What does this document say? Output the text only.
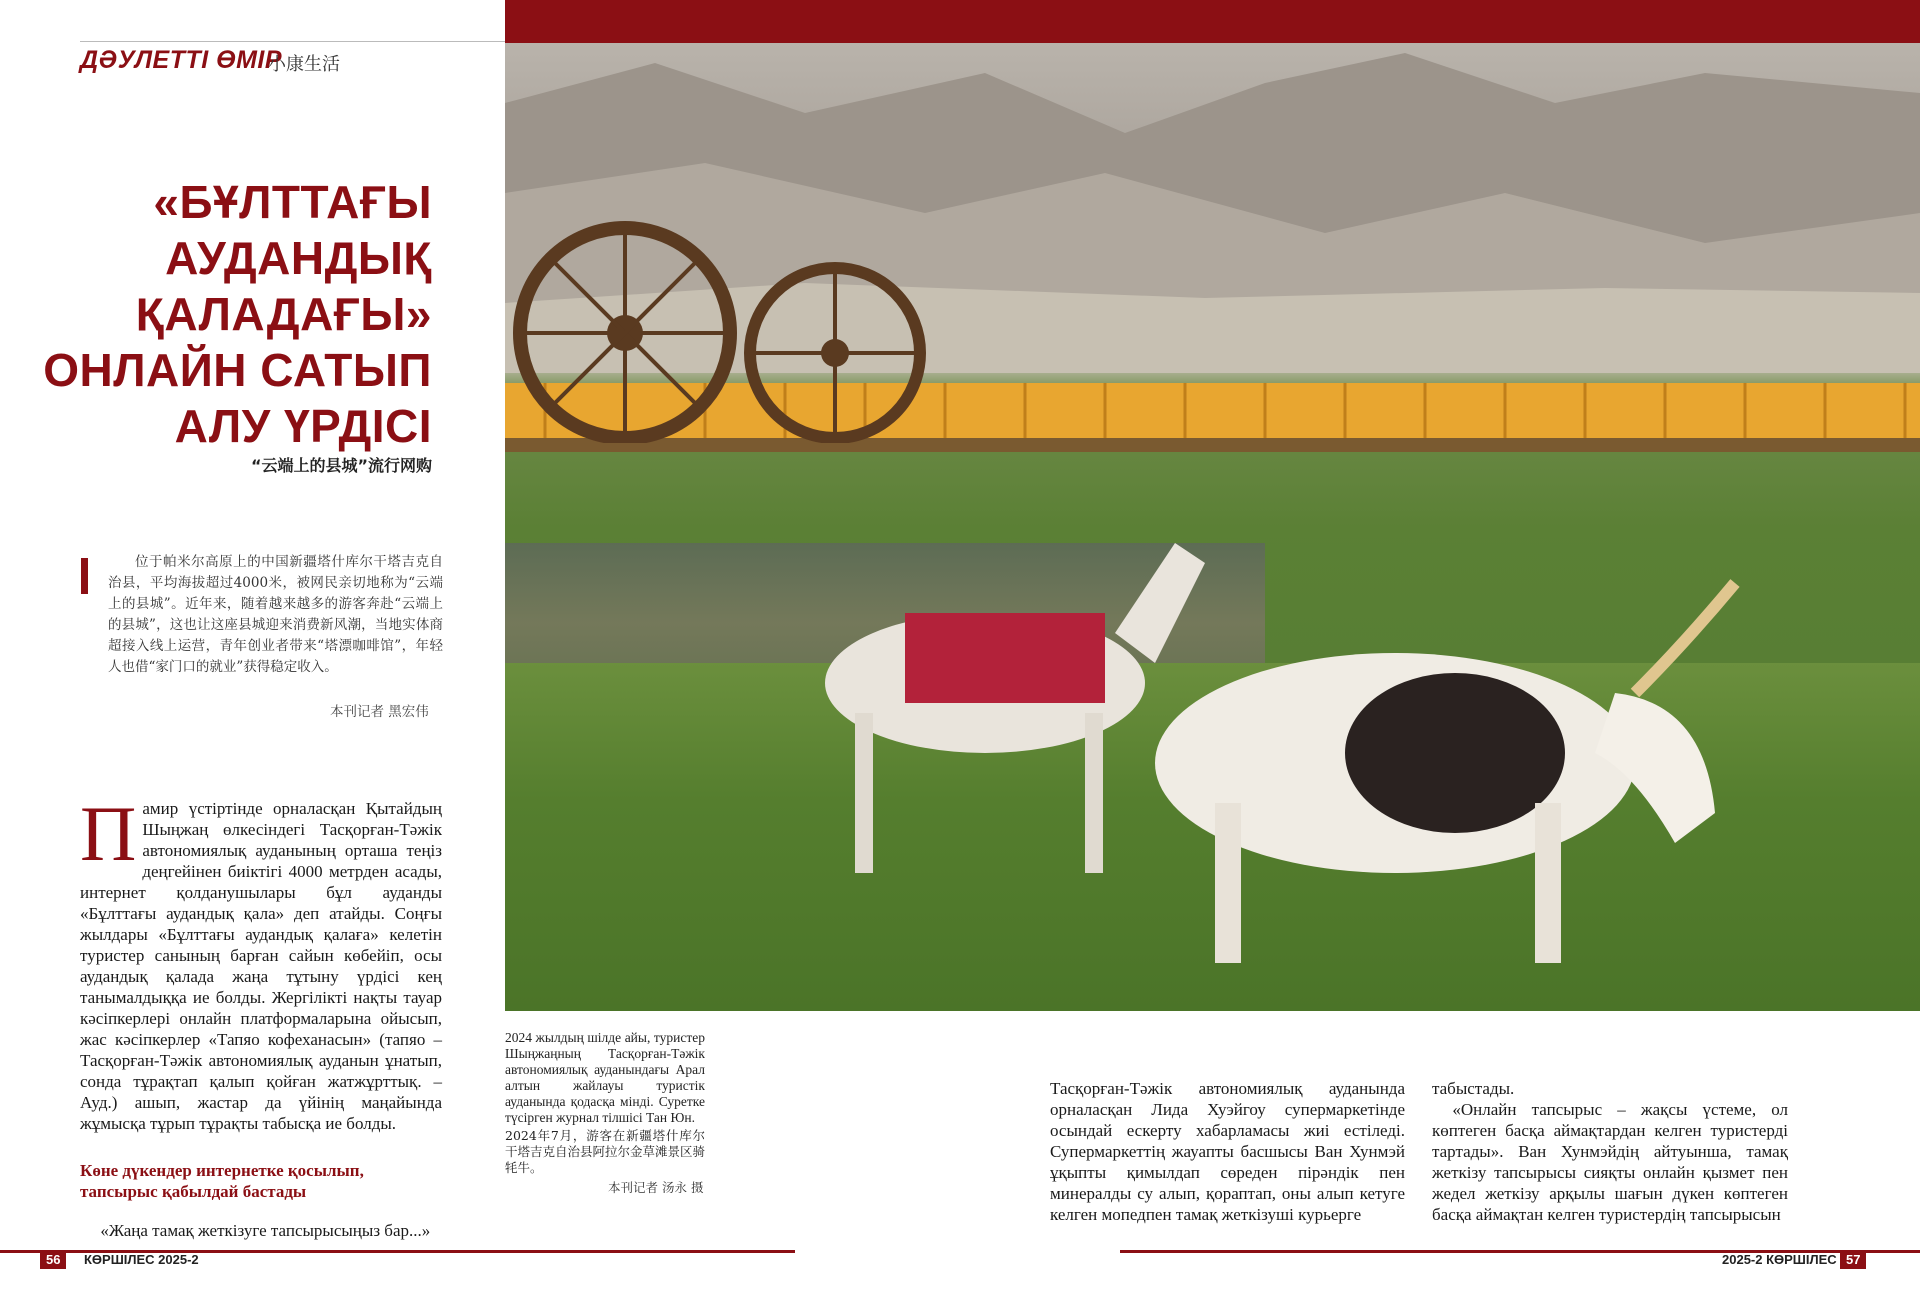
ДӘУЛЕТТІ ӨМІР
小康生活
«БҰЛТТАҒЫ
АУДАНДЫҚ
ҚАЛАДАҒЫ»
ОНЛАЙН САТЫП
АЛУ ҮРДІСІ
“云端上的县城”流行网购
位于帕米尔高原上的中国新疆塔什库尔干塔吉克自治县，平均海拔超过4000米，被网民亲切地称为“云端上的县城”。近年来，随着越来越多的游客奔赴“云端上的县城”，这也让这座县城迎来消费新风潮，当地实体商超接入线上运营，青年创业者带来“塔漂咖啡馆”，年轻人也借“家门口的就业”获得稳定收入。
本刊记者 黑宏伟
П амир үстіртінде орналасқан Қытайдың Шыңжаң өлкесіндегі Тасқорған-Тәжік автономиялық ауданының орташа теңіз деңгейінен биіктігі 4000 метрден асады, интернет қолданушылары бұл ауданды «Бұлттағы аудандық қала» деп атайды. Соңғы жылдары «Бұлттағы аудандық қалаға» келетін туристер санының барған сайын көбейіп, осы аудандық қалада жаңа тұтыну үрдісі кең танымалдыққа ие болды. Жергілікті нақты тауар кәсіпкерлері онлайн платформаларына ойысып, жас кәсіпкерлер «Тапяо кофеханасын» (тапяо – Тасқорған-Тәжік автономиялық ауданын ұнатып, сонда тұрақтап қалып қойған жатжұрттық. – Ауд.) ашып, жастар да үйінің маңайында жұмысқа тұрып тұрақты табысқа ие болды.
Көне дүкендер интернетке қосылып, тапсырыс қабылдай бастады
«Жаңа тамақ жеткізуге тапсырысыңыз бар...»
2024 жылдың шілде айы, туристер Шыңжаңның Тасқорған-Тәжік автономиялық ауданындағы Арал алтын жайлауы туристік ауданында қодасқа мінді. Суретке түсірген журнал тілшісі Тан Юн.
2024年7月，游客在新疆塔什库尔干塔吉克自治县阿拉尔金草滩景区骑牦牛。
本刊记者 汤永 摄
Тасқорған-Тәжік автономиялық ауданында орналасқан Лида Хуэйгоу супермаркетінде осындай ескерту хабарламасы жиі естіледі. Супермаркеттің жауапты басшысы Ван Хунмэй ұқыпты қимылдап сөреден пірәндік пен минералды су алып, қораптап, оны алып кетуге келген мопедпен тамақ жеткізуші курьерге
табыстады.
«Онлайн тапсырыс – жақсы үстеме, ол көптеген басқа аймақтардан келген туристерді тартады». Ван Хунмэйдің айтуынша, тамақ жеткізу тапсырысы сияқты онлайн қызмет пен жедел жеткізу арқылы шағын дүкен көптеген басқа аймақтан келген туристердің тапсырысын
56	КӨРШІЛЕС 2025-2	2025-2 КӨРШІЛЕС 57
